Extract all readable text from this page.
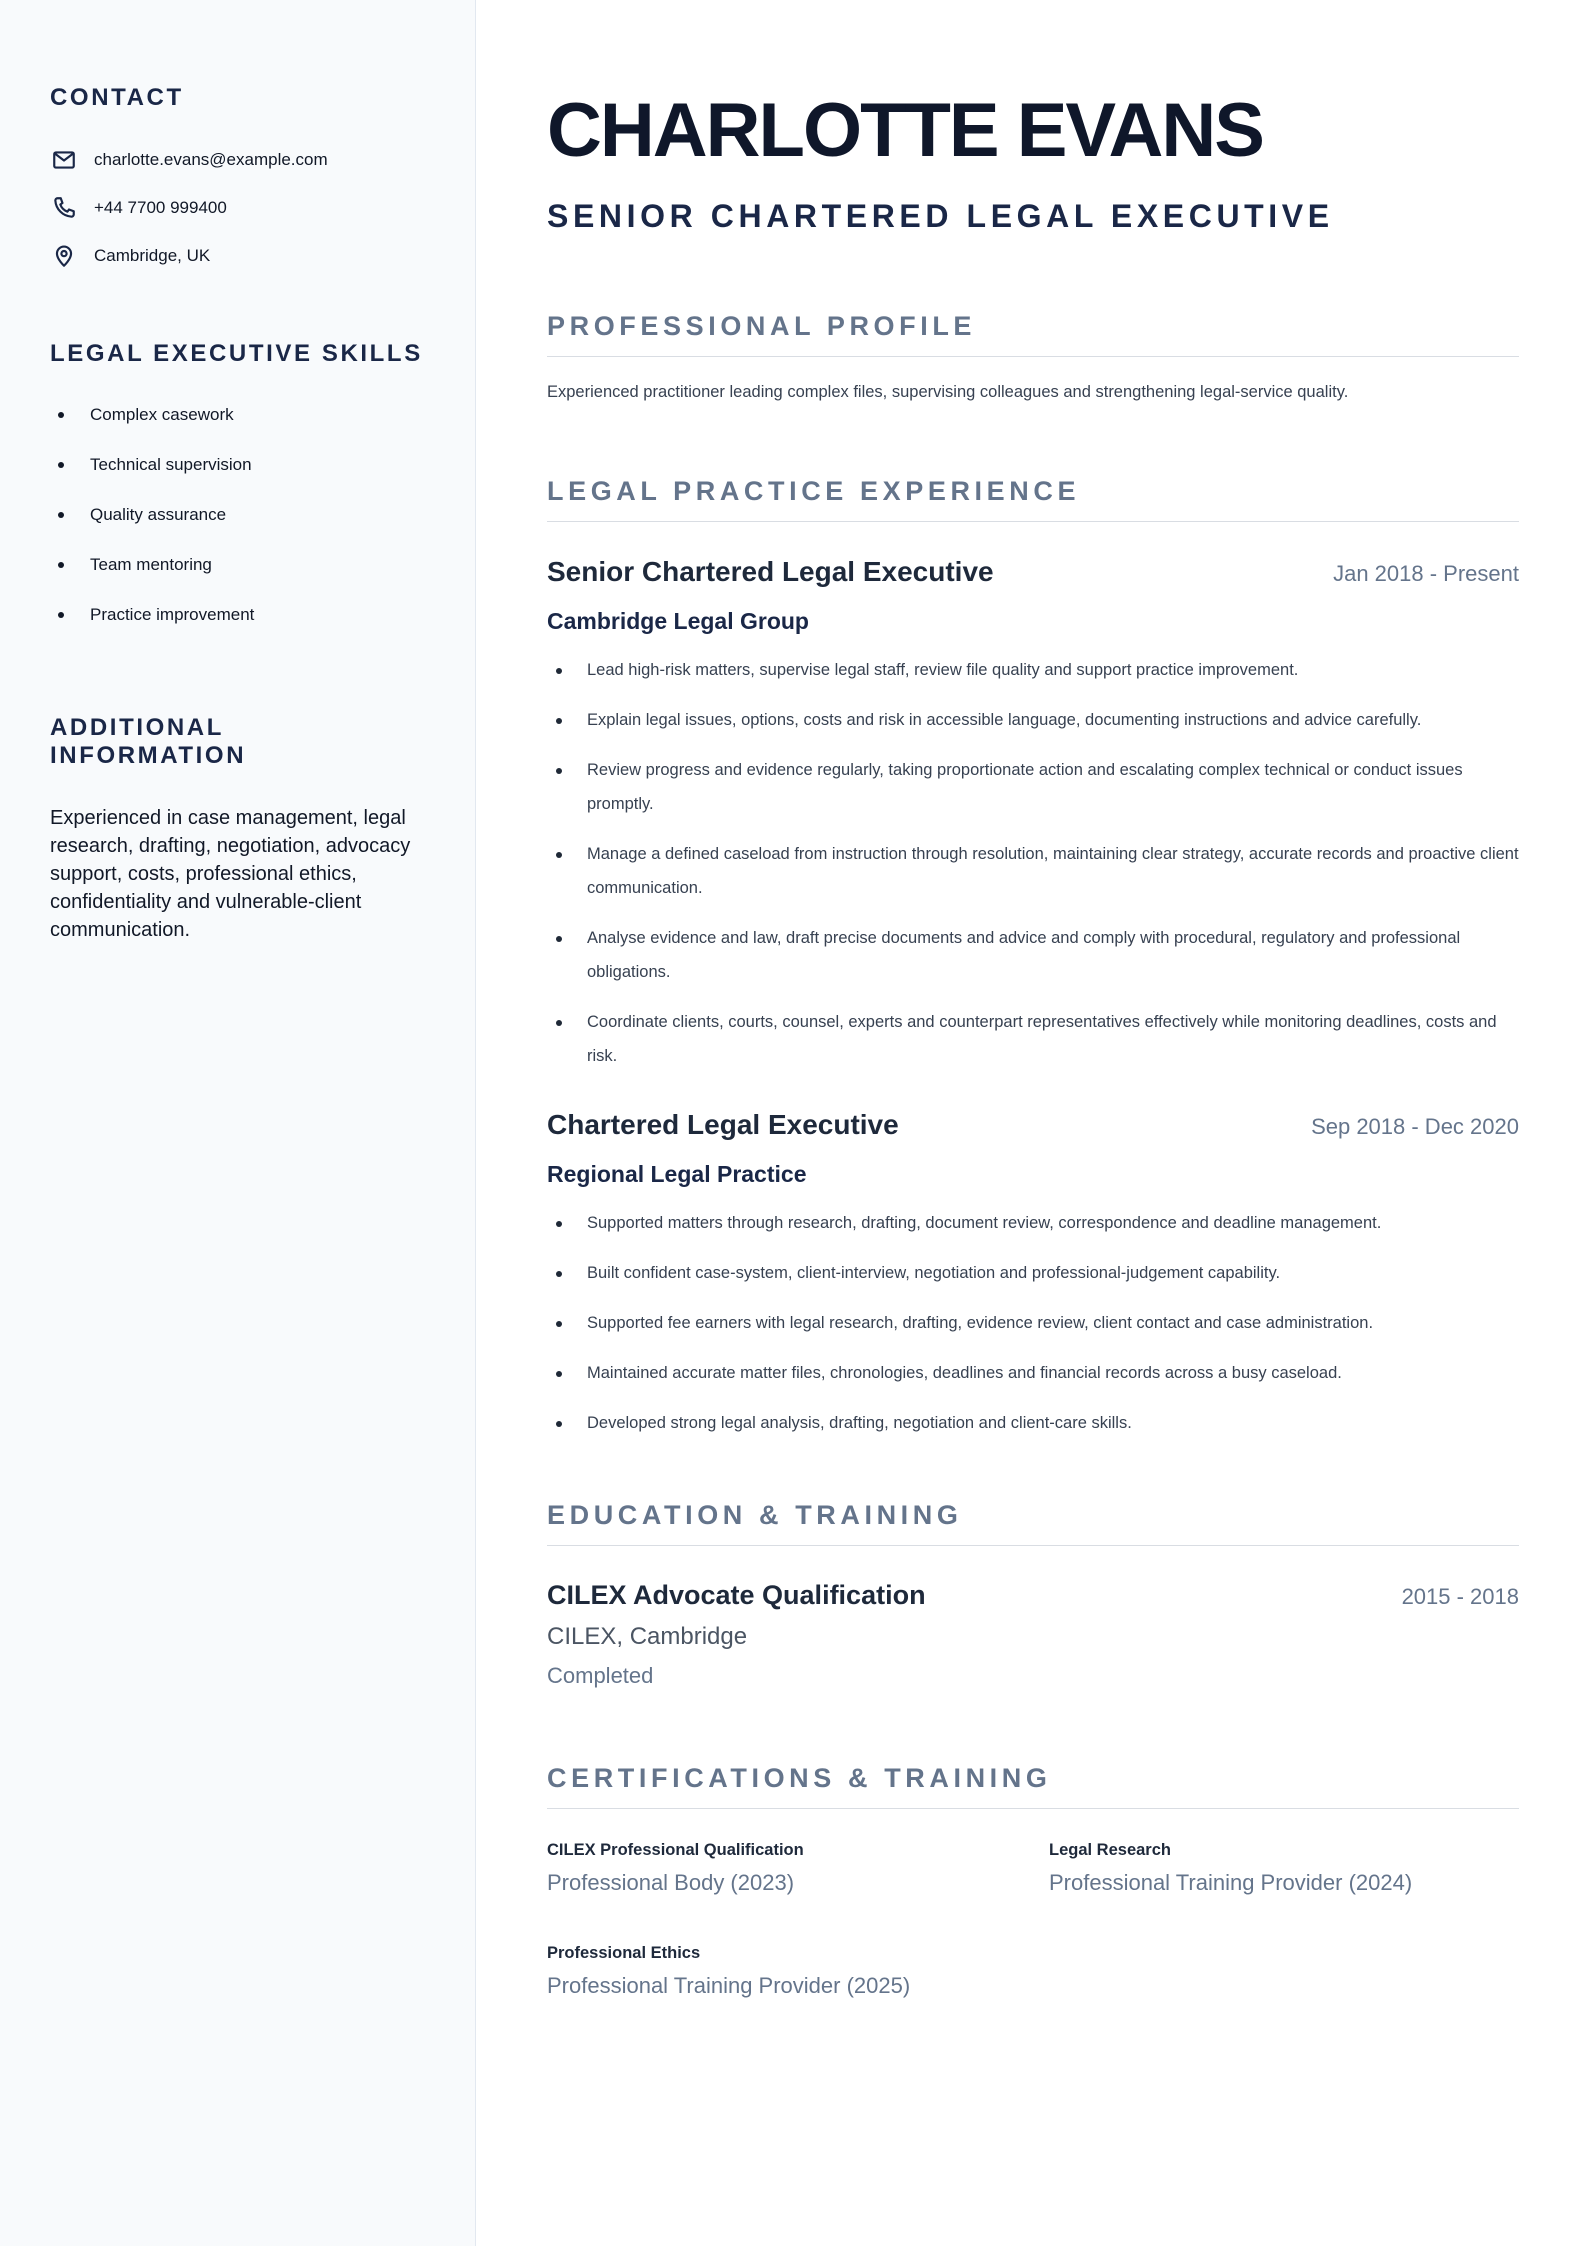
CONTACT
charlotte.evans@example.com
+44 7700 999400
Cambridge, UK
LEGAL EXECUTIVE SKILLS
Complex casework
Technical supervision
Quality assurance
Team mentoring
Practice improvement
ADDITIONAL INFORMATION

Experienced in case management, legal research, drafting, negotiation, advocacy support, costs, professional ethics, confidentiality and vulnerable-client communication.

CHARLOTTE EVANS
SENIOR CHARTERED LEGAL EXECUTIVE
PROFESSIONAL PROFILE

Experienced practitioner leading complex files, supervising colleagues and strengthening legal-service quality.

LEGAL PRACTICE EXPERIENCE
Senior Chartered Legal Executive	Jan 2018 - Present
Cambridge Legal Group
Lead high-risk matters, supervise legal staff, review file quality and support practice improvement.
Explain legal issues, options, costs and risk in accessible language, documenting instructions and advice carefully.
Review progress and evidence regularly, taking proportionate action and escalating complex technical or conduct issues promptly.
Manage a defined caseload from instruction through resolution, maintaining clear strategy, accurate records and proactive client communication.
Analyse evidence and law, draft precise documents and advice and comply with procedural, regulatory and professional obligations.
Coordinate clients, courts, counsel, experts and counterpart representatives effectively while monitoring deadlines, costs and risk.
Chartered Legal Executive	Sep 2018 - Dec 2020
Regional Legal Practice
Supported matters through research, drafting, document review, correspondence and deadline management.
Built confident case-system, client-interview, negotiation and professional-judgement capability.
Supported fee earners with legal research, drafting, evidence review, client contact and case administration.
Maintained accurate matter files, chronologies, deadlines and financial records across a busy caseload.
Developed strong legal analysis, drafting, negotiation and client-care skills.
EDUCATION & TRAINING
CILEX Advocate Qualification	2015 - 2018
CILEX, Cambridge
Completed
CERTIFICATIONS & TRAINING
CILEX Professional Qualification
Professional Body (2023)
Legal Research
Professional Training Provider (2024)
Professional Ethics
Professional Training Provider (2025)
